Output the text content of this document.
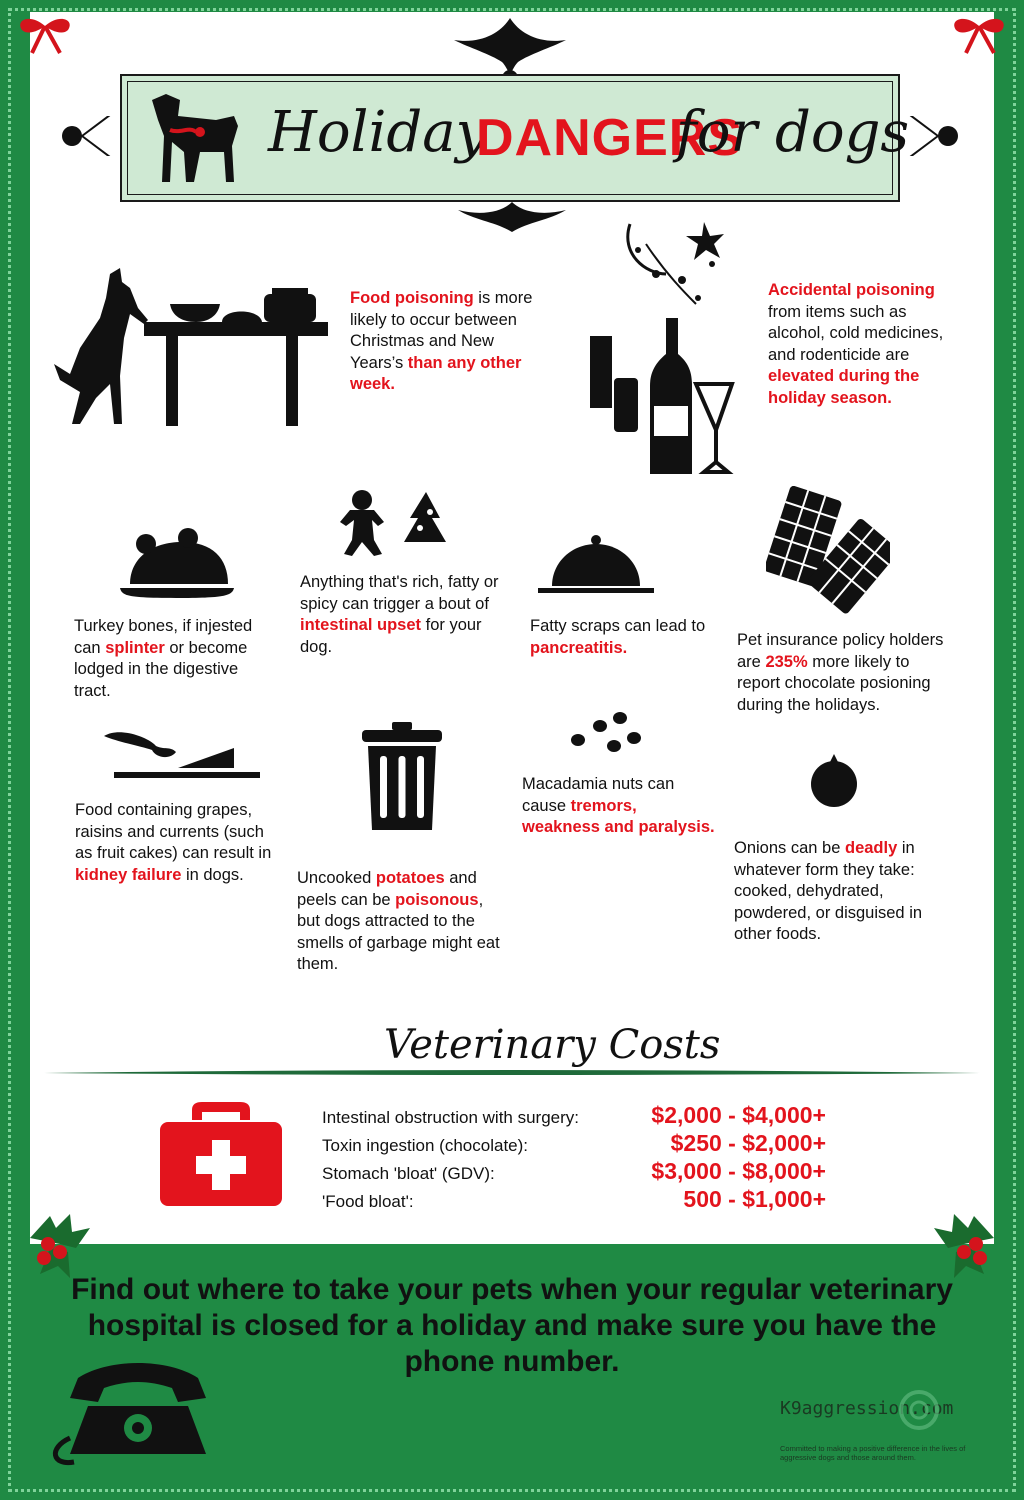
Holiday
DANGERS
for dogs
Food poisoning is more likely to occur between Christmas and New Years’s than any other week.
Accidental poisoning from items such as alcohol, cold medicines, and rodenticide are elevated during the holiday season.
Turkey bones, if injested can splinter or become lodged in the digestive tract.
Anything that's rich, fatty or spicy can trigger a bout of intestinal upset for your dog.
Fatty scraps can lead to pancreatitis.	Pet insurance policy holders are 235% more likely to report chocolate posioning during the holidays.
Food containing grapes, raisins and currents (such as fruit cakes) can result in kidney failure in dogs.	Uncooked potatoes and peels can be poisonous, but dogs attracted to the smells of garbage might eat them.
Macadamia nuts can cause tremors, weakness and paralysis.
Onions can be deadly in whatever form they take: cooked, dehydrated, powdered, or disguised in other foods.
Veterinary Costs
Intestinal obstruction with surgery:	$2,000 - $4,000+
Toxin ingestion (chocolate):	$250 - $2,000+
Stomach 'bloat' (GDV):	$3,000 - $8,000+
'Food bloat':	500 - $1,000+
Find out where to take your pets when your regular veterinary hospital is closed for a holiday and make sure you have the phone number.
K9aggression.com
Committed to making a positive difference in the lives of aggressive dogs and those around them.
